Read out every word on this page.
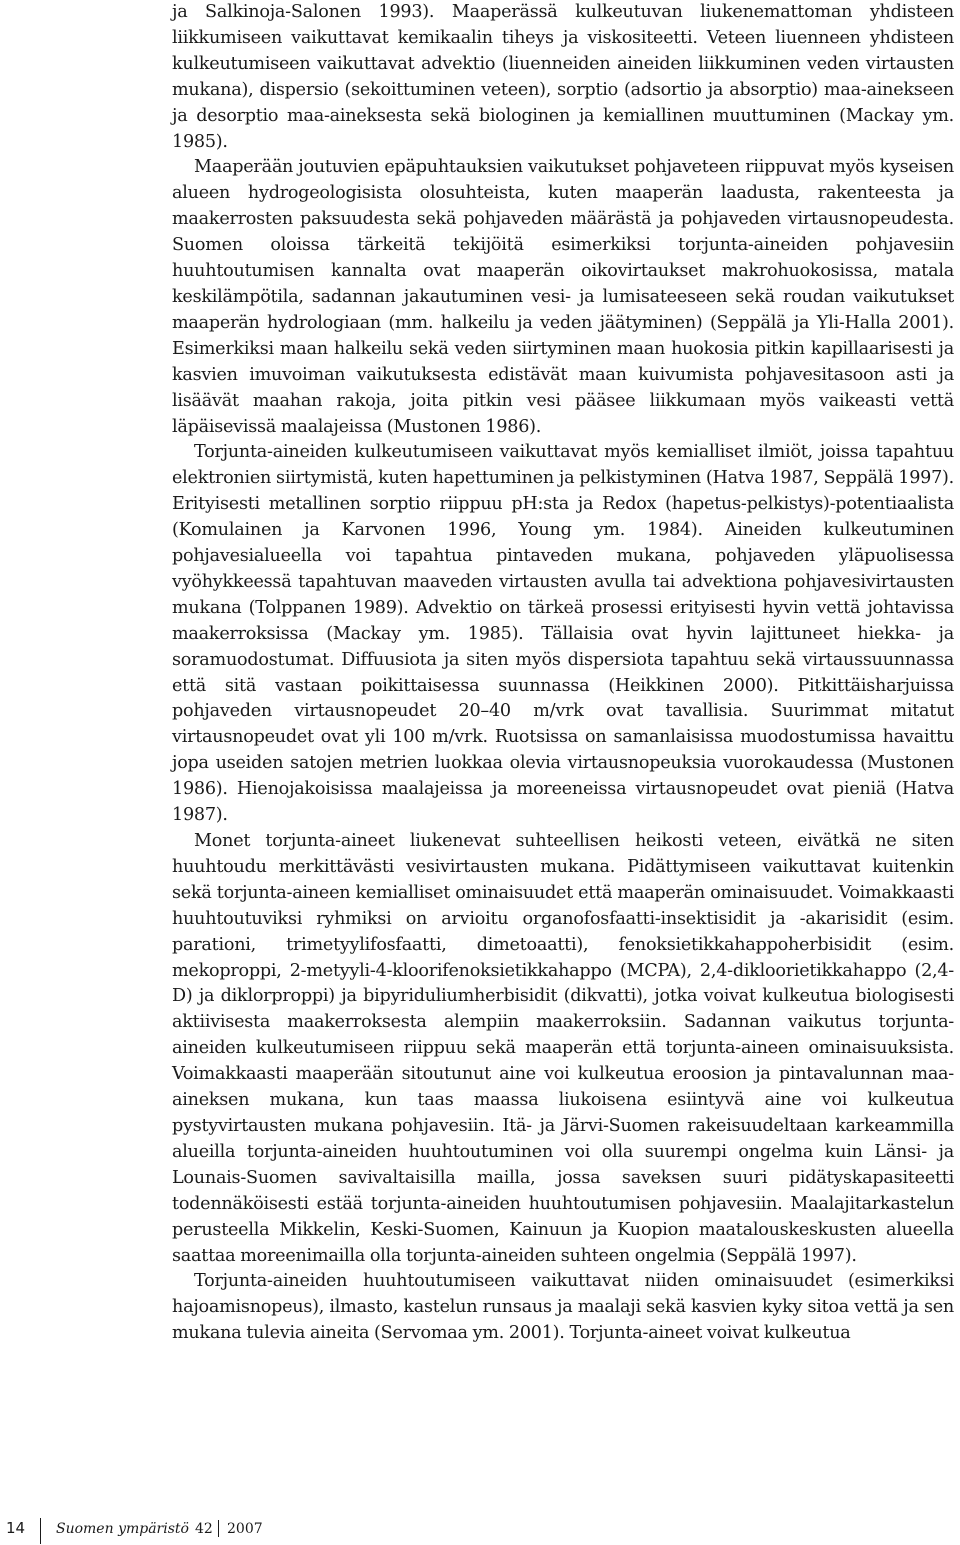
ja Salkinoja-Salonen 1993). Maaperässä kulkeutuvan liukenemattoman yhdisteen liikkumiseen vaikuttavat kemikaalin tiheys ja viskositeetti. Veteen liuenneen yhdisteen kulkeutumiseen vaikuttavat advektio (liuenneiden aineiden liikkuminen veden virtausten mukana), dispersio (sekoittuminen veteen), sorptio (adsortio ja absorptio) maa-ainekseen ja desorptio maa-aineksesta sekä biologinen ja kemiallinen muuttuminen (Mackay ym. 1985).

Maaperään joutuvien epäpuhtauksien vaikutukset pohjaveteen riippuvat myös kyseisen alueen hydrogeologisista olosuhteista, kuten maaperän laadusta, rakenteesta ja maakerrosten paksuudesta sekä pohjaveden määrästä ja pohjaveden virtausnopeudesta. Suomen oloissa tärkeitä tekijöitä esimerkiksi torjunta-aineiden pohjavesiin huuhtoutumisen kannalta ovat maaperän oikovirtaukset makrohuokosissa, matala keskilämpötila, sadannan jakautuminen vesi- ja lumisateeseen sekä roudan vaikutukset maaperän hydrologiaan (mm. halkeilu ja veden jäätyminen) (Seppälä ja Yli-Halla 2001). Esimerkiksi maan halkeilu sekä veden siirtyminen maan huokosia pitkin kapillaarisesti ja kasvien imuvoiman vaikutuksesta edistävät maan kuivumista pohjavesitasoon asti ja lisäävät maahan rakoja, joita pitkin vesi pääsee liikkumaan myös vaikeasti vettä läpäisevissä maalajeissa (Mustonen 1986).

Torjunta-aineiden kulkeutumiseen vaikuttavat myös kemialliset ilmiöt, joissa tapahtuu elektronien siirtymistä, kuten hapettuminen ja pelkistyminen (Hatva 1987, Seppälä 1997). Erityisesti metallinen sorptio riippuu pH:sta ja Redox (hapetus-pelkistys)-potentiaalista (Komulainen ja Karvonen 1996, Young ym. 1984). Aineiden kulkeutuminen pohjavesialueella voi tapahtua pintaveden mukana, pohjaveden yläpuolisessa vyöhykkeessä tapahtuvan maaveden virtausten avulla tai advektiona pohjavesivirtausten mukana (Tolppanen 1989). Advektio on tärkeä prosessi erityisesti hyvin vettä johtavissa maakerroksissa (Mackay ym. 1985). Tällaisia ovat hyvin lajittuneet hiekka- ja soramuodostumat. Diffuusiota ja siten myös dispersiota tapahtuu sekä virtaussuunnassa että sitä vastaan poikittaisessa suunnassa (Heikkinen 2000). Pitkittäisharjuissa pohjaveden virtausnopeudet 20–40 m/vrk ovat tavallisia. Suurimmat mitatut virtausnopeudet ovat yli 100 m/vrk. Ruotsissa on samanlaisissa muodostumissa havaittu jopa useiden satojen metrien luokkaa olevia virtausnopeuksia vuorokaudessa (Mustonen 1986). Hienojakoisissa maalajeissa ja moreeneissa virtausnopeudet ovat pieniä (Hatva 1987).

Monet torjunta-aineet liukenevat suhteellisen heikosti veteen, eivätkä ne siten huuhtoudu merkittävästi vesivirtausten mukana. Pidättymiseen vaikuttavat kuitenkin sekä torjunta-aineen kemialliset ominaisuudet että maaperän ominaisuudet. Voimakkaasti huuhtoutuviksi ryhmiksi on arvioitu organofosfaatti-insektisidit ja -akarisidit (esim. parationi, trimetyylifosfaatti, dimetoaatti), fenoksietikkahappoherbisidit (esim. mekoproppi, 2-metyyli-4-kloorifenoksietikkahappo (MCPA), 2,4-dikloorietikkahappo (2,4-D) ja diklorproppi) ja bipyriduliumherbisidit (dikvatti), jotka voivat kulkeutua biologisesti aktiivisesta maakerroksesta alempiin maakerroksiin. Sadannan vaikutus torjunta-aineiden kulkeutumiseen riippuu sekä maaperän että torjunta-aineen ominaisuuksista. Voimakkaasti maaperään sitoutunut aine voi kulkeutua eroosion ja pintavalunnan maa-aineksen mukana, kun taas maassa liukoisena esiintyvä aine voi kulkeutua pystyvirtausten mukana pohjavesiin. Itä- ja Järvi-Suomen rakeisuudeltaan karkeammilla alueilla torjunta-aineiden huuhtoutuminen voi olla suurempi ongelma kuin Länsi- ja Lounais-Suomen savivaltaisilla mailla, jossa saveksen suuri pidätyskapasiteetti todennäköisesti estää torjunta-aineiden huuhtoutumisen pohjavesiin. Maalajitarkastelun perusteella Mikkelin, Keski-Suomen, Kainuun ja Kuopion maatalouskeskusten alueella saattaa moreenimailla olla torjunta-aineiden suhteen ongelmia (Seppälä 1997).

Torjunta-aineiden huuhtoutumiseen vaikuttavat niiden ominaisuudet (esimerkiksi hajoamisnopeus), ilmasto, kastelun runsaus ja maalaji sekä kasvien kyky sitoa vettä ja sen mukana tulevia aineita (Servomaa ym. 2001). Torjunta-aineet voivat kulkeutua

14 Suomen ympäristö 42 2007
